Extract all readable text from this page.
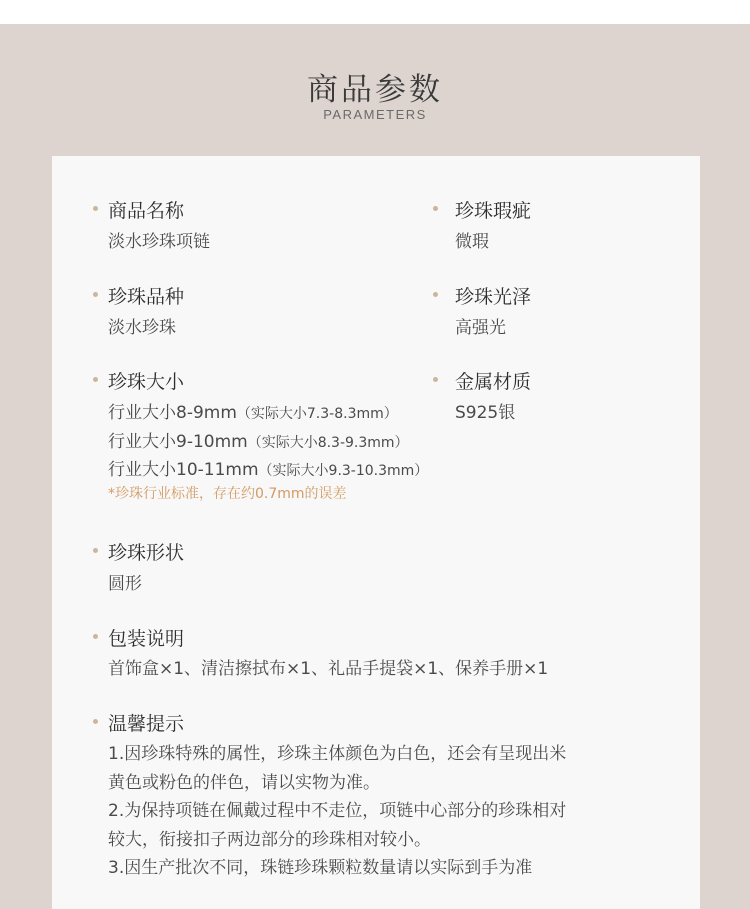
商品参数
PARAMETERS
商品名称
淡水珍珠项链
珍珠瑕疵
微瑕
珍珠品种
淡水珍珠
珍珠光泽
高强光
珍珠大小
行业大小8-9mm（实际大小7.3-8.3mm）
行业大小9-10mm（实际大小8.3-9.3mm）
行业大小10-11mm（实际大小9.3-10.3mm）
*珍珠行业标准，存在约0.7mm的误差
金属材质
S925银
珍珠形状
圆形
包装说明
首饰盒×1、清洁擦拭布×1、礼品手提袋×1、保养手册×1
温馨提示
1.因珍珠特殊的属性，珍珠主体颜色为白色，还会有呈现出米
黄色或粉色的伴色，请以实物为准。
2.为保持项链在佩戴过程中不走位，项链中心部分的珍珠相对
较大，衔接扣子两边部分的珍珠相对较小。
3.因生产批次不同，珠链珍珠颗粒数量请以实际到手为准
